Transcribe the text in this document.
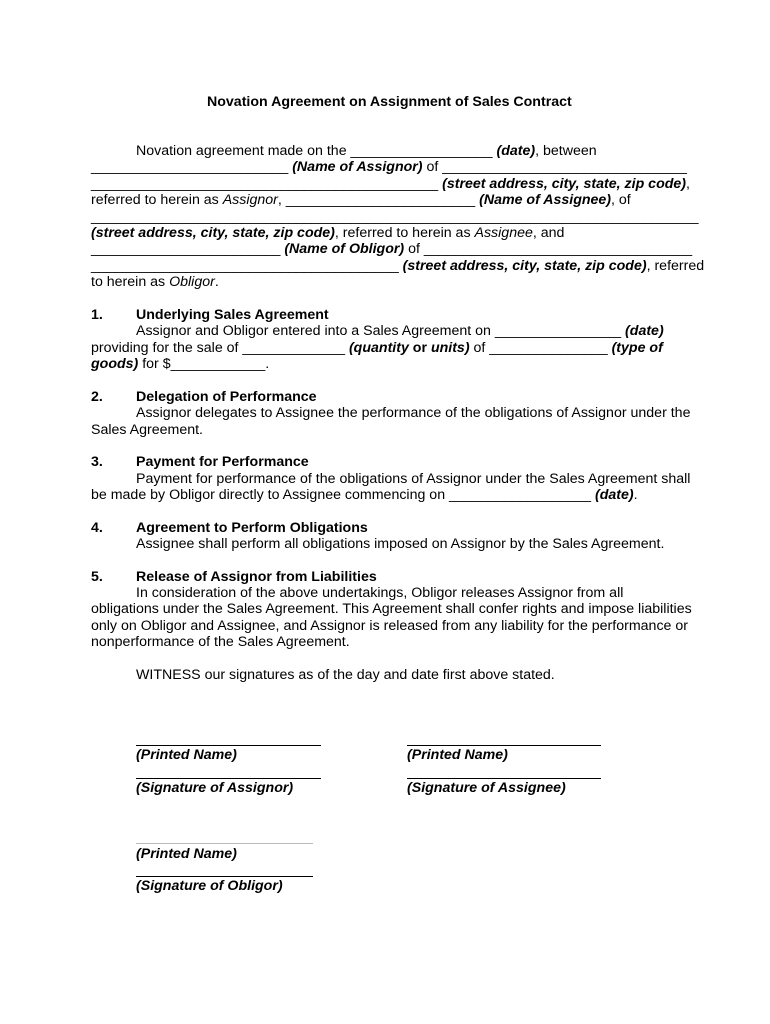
Novation Agreement on Assignment of Sales Contract
Novation agreement made on the __________________ (date), between
_________________________ (Name of Assignor) of _______________________________
____________________________________________ (street address, city, state, zip code),
referred to herein as Assignor, ________________________ (Name of Assignee), of
_____________________________________________________________________________
(street address, city, state, zip code), referred to herein as Assignee, and
________________________ (Name of Obligor) of __________________________________
_______________________________________ (street address, city, state, zip code), referred
to herein as Obligor.
1. Underlying Sales Agreement
Assignor and Obligor entered into a Sales Agreement on ________________ (date)
providing for the sale of _____________ (quantity or units) of _______________ (type of
goods) for $____________.
2. Delegation of Performance
Assignor delegates to Assignee the performance of the obligations of Assignor under the
Sales Agreement.
3. Payment for Performance
Payment for performance of the obligations of Assignor under the Sales Agreement shall
be made by Obligor directly to Assignee commencing on __________________ (date).
4. Agreement to Perform Obligations
Assignee shall perform all obligations imposed on Assignor by the Sales Agreement.
5. Release of Assignor from Liabilities
In consideration of the above undertakings, Obligor releases Assignor from all
obligations under the Sales Agreement. This Agreement shall confer rights and impose liabilities
only on Obligor and Assignee, and Assignor is released from any liability for the performance or
nonperformance of the Sales Agreement.
WITNESS our signatures as of the day and date first above stated.
(Printed Name)
(Signature of Assignor)
(Printed Name)
(Signature of Assignee)
(Printed Name)
(Signature of Obligor)
